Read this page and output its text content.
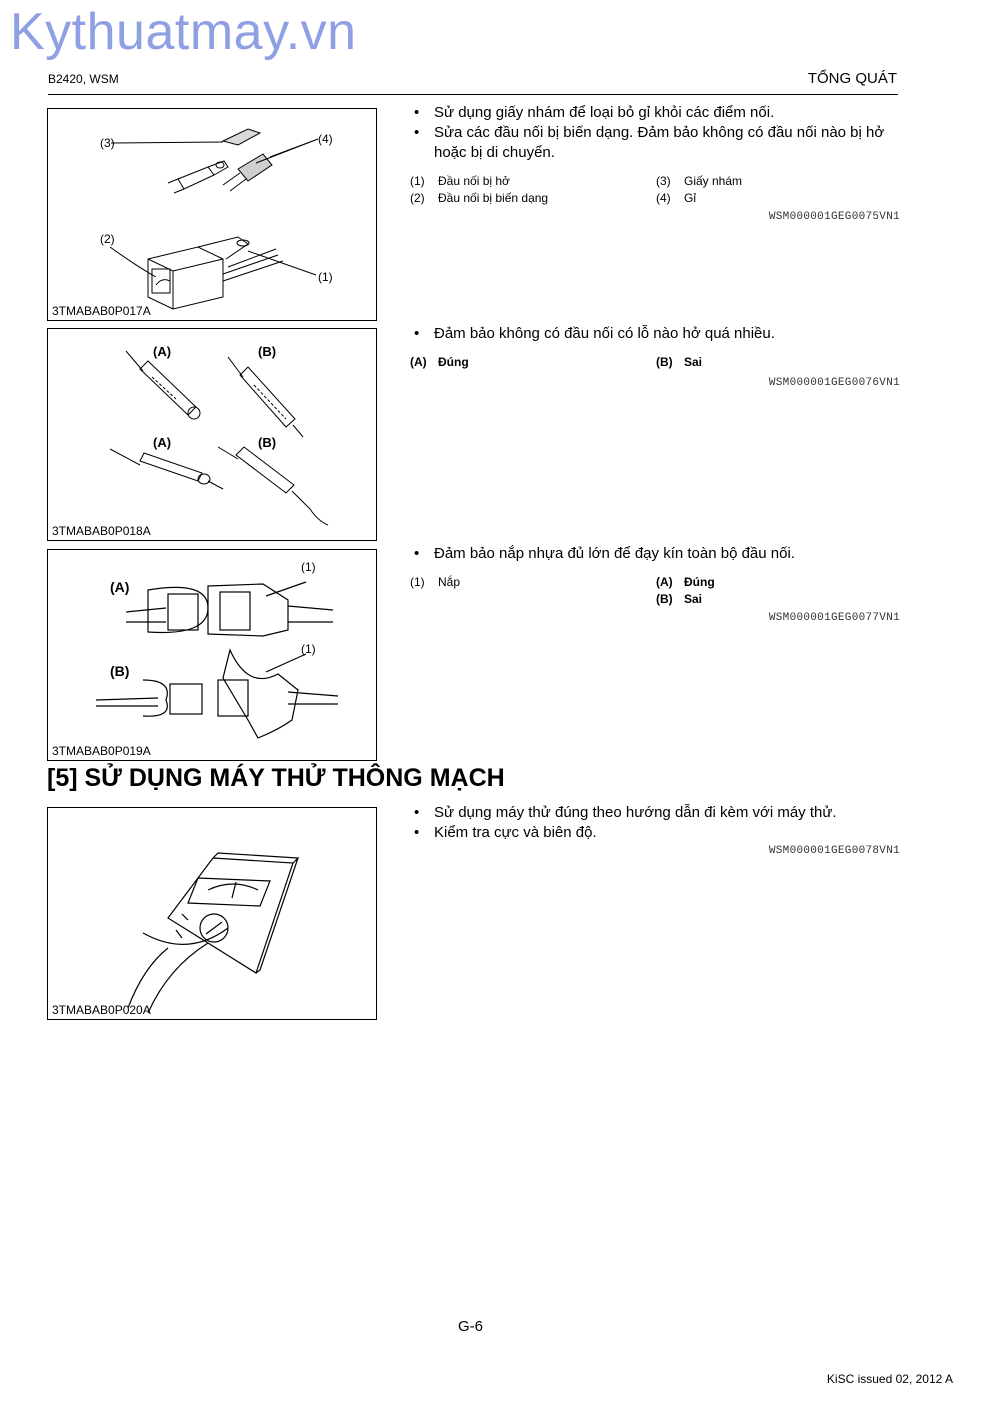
Kythuatmay.vn
B2420, WSM	TỔNG QUÁT
(3)	(4)
(2)
(1)
3TMABAB0P017A
(A)	(B)
(A)	(B)
3TMABAB0P018A
(A)
(1)
(B)
(1)
3TMABAB0P019A
[5] SỬ DỤNG MÁY THỬ THÔNG MẠCH
3TMABAB0P020A
• Sử dụng giấy nhám để loại bỏ gỉ khỏi các điểm nối.
• Sửa các đầu nối bị biến dạng. Đảm bảo không có đầu nối nào bị hở hoặc bị di chuyển.
(1)	Đầu nối bị hở	(3)	Giấy nhám
(2)	Đầu nối bị biến dạng	(4)	Gỉ
WSM000001GEG0075VN1
• Đảm bảo không có đầu nối có lỗ nào hở quá nhiều.
(A) Đúng	(B) Sai
WSM000001GEG0076VN1
• Đảm bảo nắp nhựa đủ lớn để đạy kín toàn bộ đầu nối.
(1)	Nắp	(A) Đúng
(B) Sai
WSM000001GEG0077VN1
• Sử dụng máy thử đúng theo hướng dẫn đi kèm với máy thử.
• Kiểm tra cực và biên độ.
WSM000001GEG0078VN1
G-6
KiSC issued 02, 2012 A
